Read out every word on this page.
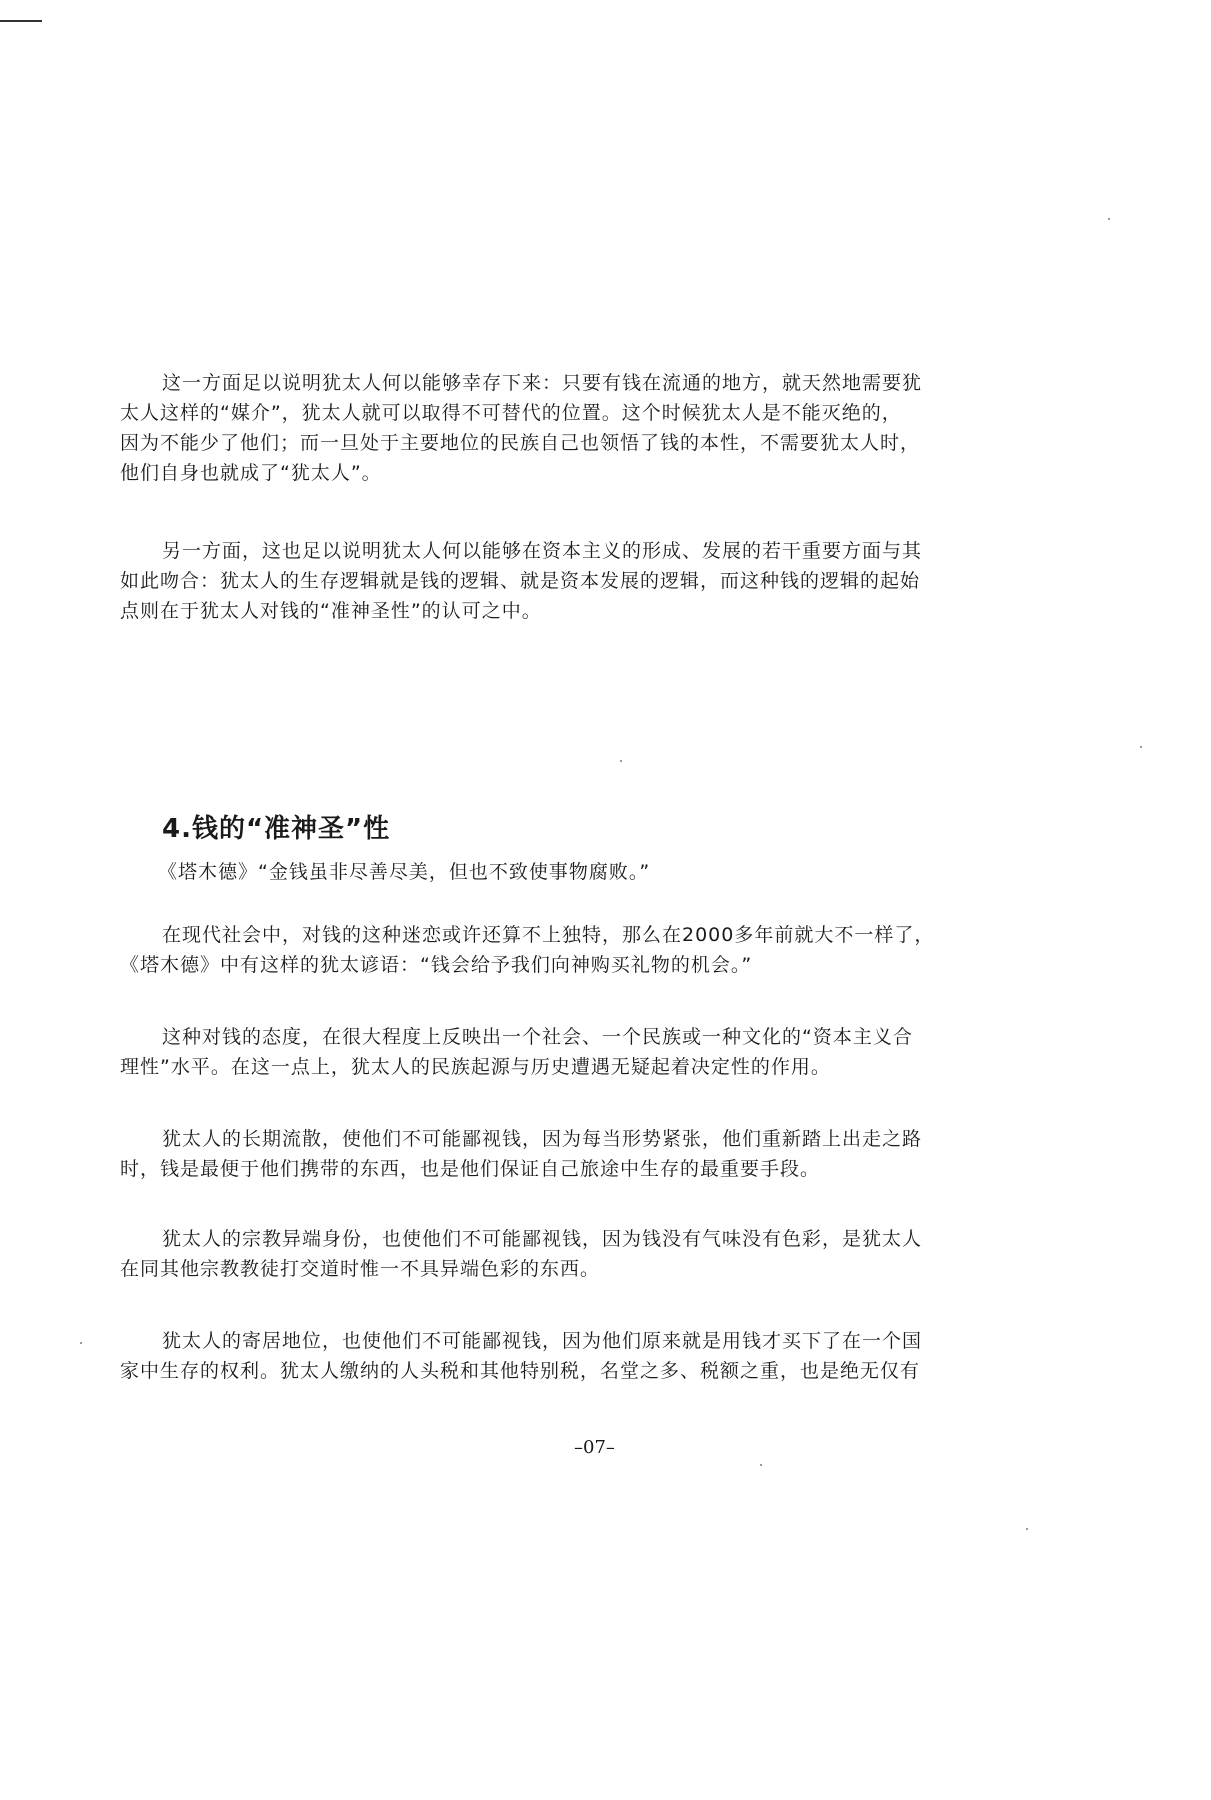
这一方面足以说明犹太人何以能够幸存下来：只要有钱在流通的地方，就天然地需要犹
太人这样的“媒介”，犹太人就可以取得不可替代的位置。这个时候犹太人是不能灭绝的，
因为不能少了他们；而一旦处于主要地位的民族自己也领悟了钱的本性，不需要犹太人时，
他们自身也就成了“犹太人”。

另一方面，这也足以说明犹太人何以能够在资本主义的形成、发展的若干重要方面与其
如此吻合：犹太人的生存逻辑就是钱的逻辑、就是资本发展的逻辑，而这种钱的逻辑的起始
点则在于犹太人对钱的“准神圣性”的认可之中。

4.钱的“准神圣”性

《塔木德》“金钱虽非尽善尽美，但也不致使事物腐败。”

在现代社会中，对钱的这种迷恋或许还算不上独特，那么在2000多年前就大不一样了，
《塔木德》中有这样的犹太谚语：“钱会给予我们向神购买礼物的机会。”

这种对钱的态度，在很大程度上反映出一个社会、一个民族或一种文化的“资本主义合
理性”水平。在这一点上，犹太人的民族起源与历史遭遇无疑起着决定性的作用。

犹太人的长期流散，使他们不可能鄙视钱，因为每当形势紧张，他们重新踏上出走之路
时，钱是最便于他们携带的东西，也是他们保证自己旅途中生存的最重要手段。

犹太人的宗教异端身份，也使他们不可能鄙视钱，因为钱没有气味没有色彩，是犹太人
在同其他宗教教徒打交道时惟一不具异端色彩的东西。

犹太人的寄居地位，也使他们不可能鄙视钱，因为他们原来就是用钱才买下了在一个国
家中生存的权利。犹太人缴纳的人头税和其他特别税，名堂之多、税额之重，也是绝无仅有

–07–
